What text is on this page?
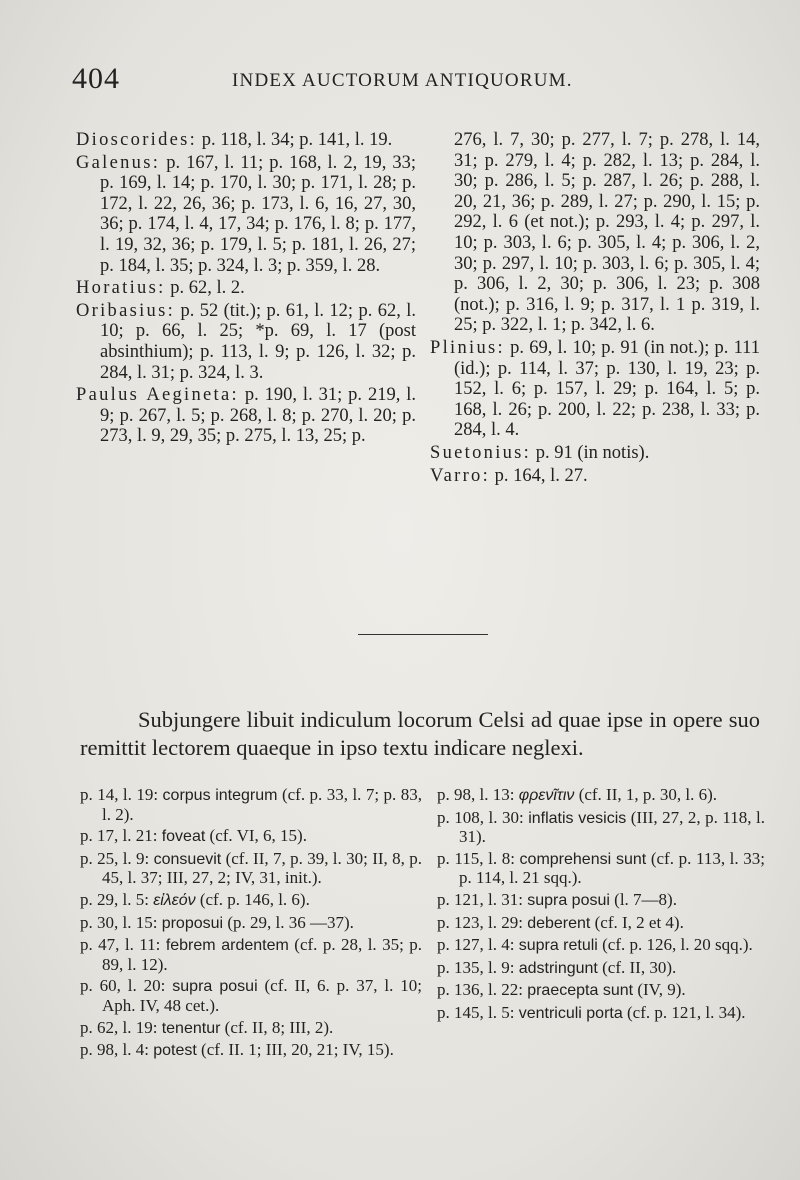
404	INDEX AUCTORUM ANTIQUORUM.

Dioscorides: p. 118, l. 34; p. 141, l. 19.

Galenus: p. 167, l. 11; p. 168, l. 2, 19, 33; p. 169, l. 14; p. 170, l. 30; p. 171, l. 28; p. 172, l. 22, 26, 36; p. 173, l. 6, 16, 27, 30, 36; p. 174, l. 4, 17, 34; p. 176, l. 8; p. 177, l. 19, 32, 36; p. 179, l. 5; p. 181, l. 26, 27; p. 184, l. 35; p. 324, l. 3; p. 359, l. 28.

Horatius: p. 62, l. 2.

Oribasius: p. 52 (tit.); p. 61, l. 12; p. 62, l. 10; p. 66, l. 25; *p. 69, l. 17 (post absinthium); p. 113, l. 9; p. 126, l. 32; p. 284, l. 31; p. 324, l. 3.

Paulus Aegineta: p. 190, l. 31; p. 219, l. 9; p. 267, l. 5; p. 268, l. 8; p. 270, l. 20; p. 273, l. 9, 29, 35; p. 275, l. 13, 25; p.

276, l. 7, 30; p. 277, l. 7; p. 278, l. 14, 31; p. 279, l. 4; p. 282, l. 13; p. 284, l. 30; p. 286, l. 5; p. 287, l. 26; p. 288, l. 20, 21, 36; p. 289, l. 27; p. 290, l. 15; p. 292, l. 6 (et not.); p. 293, l. 4; p. 297, l. 10; p. 303, l. 6; p. 305, l. 4; p. 306, l. 2, 30; p. 297, l. 10; p. 303, l. 6; p. 305, l. 4; p. 306, l. 2, 30; p. 306, l. 23; p. 308 (not.); p. 316, l. 9; p. 317, l. 1 p. 319, l. 25; p. 322, l. 1; p. 342, l. 6.

Plinius: p. 69, l. 10; p. 91 (in not.); p. 111 (id.); p. 114, l. 37; p. 130, l. 19, 23; p. 152, l. 6; p. 157, l. 29; p. 164, l. 5; p. 168, l. 26; p. 200, l. 22; p. 238, l. 33; p. 284, l. 4.

Suetonius: p. 91 (in notis).

Varro: p. 164, l. 27.

Subjungere libuit indiculum locorum Celsi ad quae ipse in opere suo remittit lectorem quaeque in ipso textu indicare neglexi.

p. 14, l. 19: corpus integrum (cf. p. 33, l. 7; p. 83, l. 2).

p. 17, l. 21: foveat (cf. VI, 6, 15).

p. 25, l. 9: consuevit (cf. II, 7, p. 39, l. 30; II, 8, p. 45, l. 37; III, 27, 2; IV, 31, init.).

p. 29, l. 5: εἰλεόν (cf. p. 146, l. 6).

p. 30, l. 15: proposui (p. 29, l. 36 —37).

p. 47, l. 11: febrem ardentem (cf. p. 28, l. 35; p. 89, l. 12).

p. 60, l. 20: supra posui (cf. II, 6. p. 37, l. 10; Aph. IV, 48 cet.).

p. 62, l. 19: tenentur (cf. II, 8; III, 2).

p. 98, l. 4: potest (cf. II. 1; III, 20, 21; IV, 15).

p. 98, l. 13: φρενῖτιν (cf. II, 1, p. 30, l. 6).

p. 108, l. 30: inflatis vesicis (III, 27, 2, p. 118, l. 31).

p. 115, l. 8: comprehensi sunt (cf. p. 113, l. 33; p. 114, l. 21 sqq.).

p. 121, l. 31: supra posui (l. 7—8).

p. 123, l. 29: deberent (cf. I, 2 et 4).

p. 127, l. 4: supra retuli (cf. p. 126, l. 20 sqq.).

p. 135, l. 9: adstringunt (cf. II, 30).

p. 136, l. 22: praecepta sunt (IV, 9).

p. 145, l. 5: ventriculi porta (cf. p. 121, l. 34).
